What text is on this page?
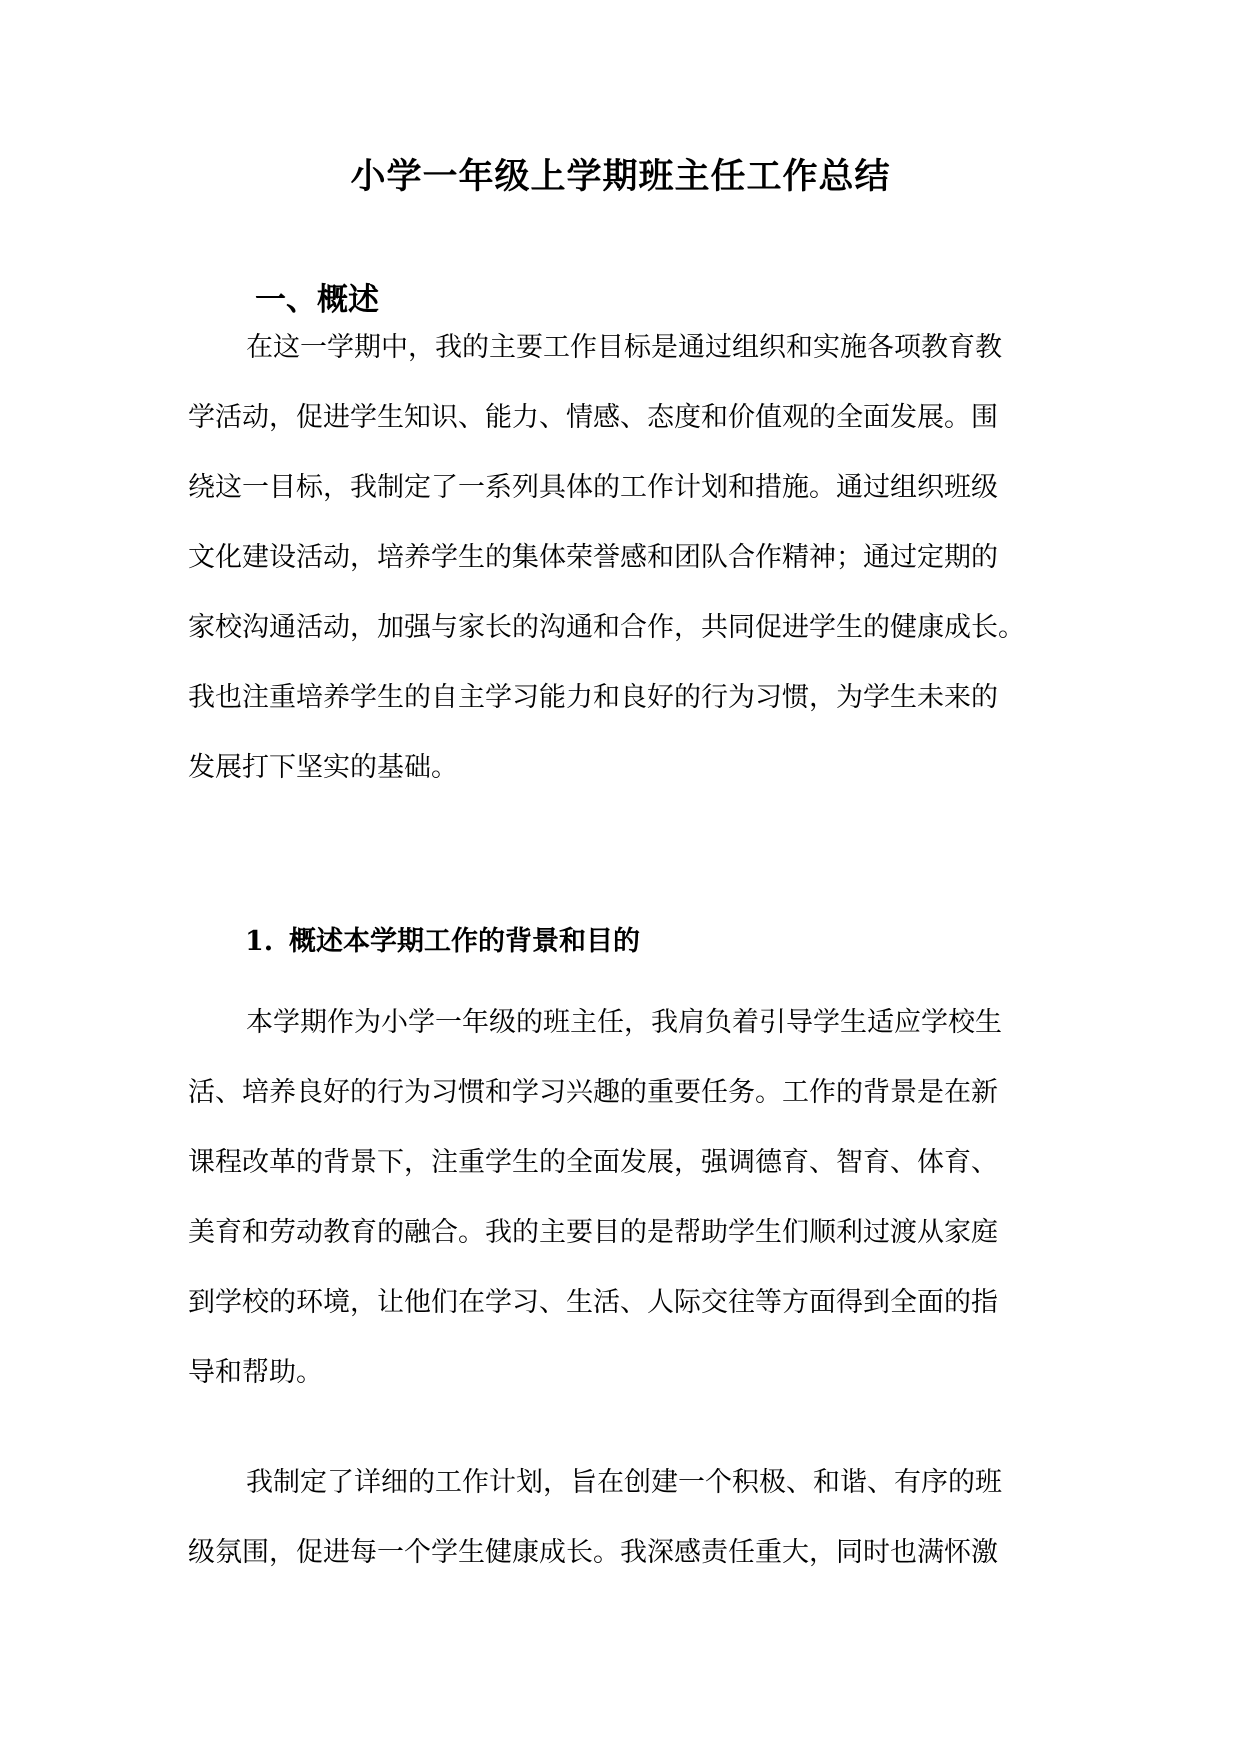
小学一年级上学期班主任工作总结
一、概述
在这一学期中，我的主要工作目标是通过组织和实施各项教育教
学活动，促进学生知识、能力、情感、态度和价值观的全面发展。围
绕这一目标，我制定了一系列具体的工作计划和措施。通过组织班级
文化建设活动，培养学生的集体荣誉感和团队合作精神；通过定期的
家校沟通活动，加强与家长的沟通和合作，共同促进学生的健康成长。
我也注重培养学生的自主学习能力和良好的行为习惯，为学生未来的
发展打下坚实的基础。
1. 概述本学期工作的背景和目的
本学期作为小学一年级的班主任，我肩负着引导学生适应学校生
活、培养良好的行为习惯和学习兴趣的重要任务。工作的背景是在新
课程改革的背景下，注重学生的全面发展，强调德育、智育、体育、
美育和劳动教育的融合。我的主要目的是帮助学生们顺利过渡从家庭
到学校的环境，让他们在学习、生活、人际交往等方面得到全面的指
导和帮助。
我制定了详细的工作计划，旨在创建一个积极、和谐、有序的班
级氛围，促进每一个学生健康成长。我深感责任重大，同时也满怀激
